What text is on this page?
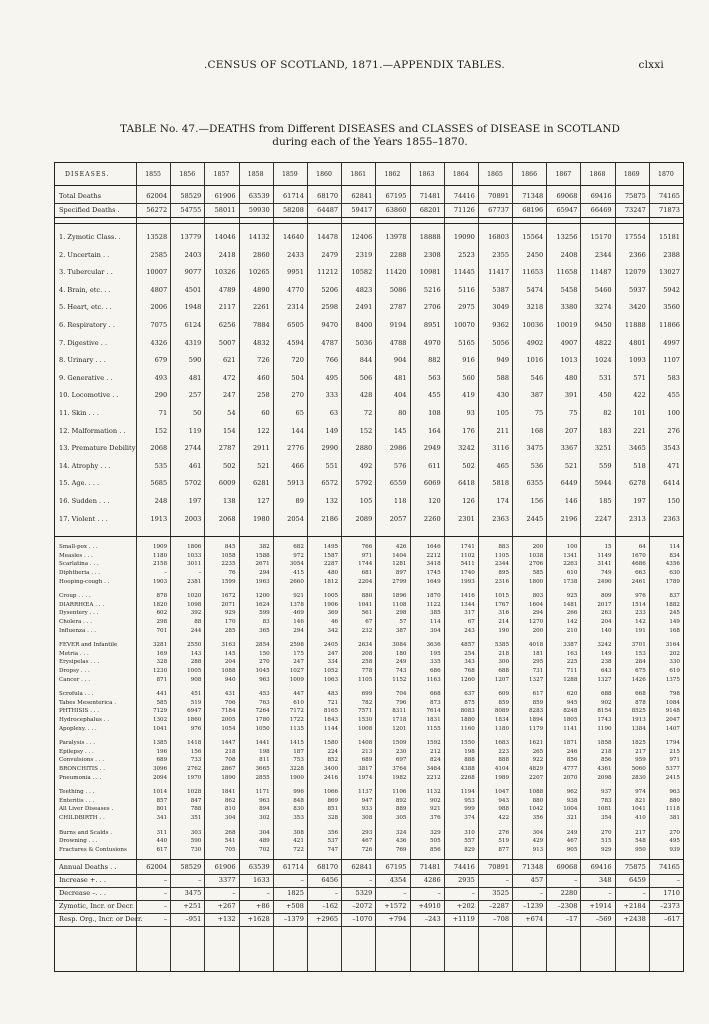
.CENSUS OF SCOTLAND, 1871.—APPENDIX TABLES.	clxxi
TABLE No. 47.—DEATHS from Different DISEASES and CLASSES of DISEASE in SCOTLAND
during each of the Years 1855–1870.
DISEASES.	1855	1856	1857	1858	1859	1860	1861	1862	1863	1864	1865	1866	1867	1868	1869	1870
Total Deaths	62004	58529	61906	63539	61714	68170	62841	67195	71481	74416	70891	71348	69068	69416	75875	74165
Specified Deaths .	56272	54755	58011	59930	58208	64487	59417	63860	68201	71126	67737	68196	65947	66469	73247	71873
1. Zymotic Class. .	13528	13779	14046	14132	14640	14478	12406	13978	18888	19090	16803	15564	13256	15170	17554	15181
2. Uncertain . .	2585	2403	2418	2860	2433	2479	2319	2288	2308	2523	2355	2450	2408	2344	2366	2388
3. Tubercular . .	10007	9077	10326	10265	9951	11212	10582	11420	10981	11445	11417	11653	11658	11487	12079	13027
4. Brain, etc. . .	4807	4501	4789	4890	4770	5206	4823	5086	5216	5116	5387	5474	5458	5460	5937	5942
5. Heart, etc. . .	2006	1948	2117	2261	2314	2598	2491	2787	2706	2975	3049	3218	3380	3274	3420	3560
6. Respiratory . .	7075	6124	6256	7884	6505	9470	8400	9194	8951	10070	9362	10036	10019	9450	11888	11866
7. Digestive . .	4326	4319	5007	4832	4594	4787	5036	4788	4970	5165	5056	4902	4907	4822	4801	4997
8. Urinary . . .	679	590	621	726	720	766	844	904	882	916	949	1016	1013	1024	1093	1107
9. Generative . .	493	481	472	460	504	495	506	481	563	560	588	546	480	531	571	583
10. Locomotive . .	290	257	247	258	270	333	428	404	455	419	430	387	391	450	422	455
11. Skin . . .	71	50	54	60	65	63	72	80	108	93	105	75	75	82	101	100
12. Malformation . .	152	119	154	122	144	149	152	145	164	176	211	168	207	183	221	276
13. Premature Debility	2068	2744	2787	2911	2776	2990	2880	2986	2949	3242	3116	3475	3367	3251	3465	3543
14. Atrophy . . .	535	461	502	521	466	551	492	576	611	502	465	536	521	559	518	471
15. Age. . . .	5685	5702	6009	6281	5913	6572	5792	6559	6069	6418	5818	6355	6449	5944	6278	6414
16. Sudden . . .	248	197	138	127	89	132	105	118	120	126	174	156	146	185	197	150
17. Violent . . .	1913	2003	2068	1980	2054	2186	2089	2057	2260	2301	2363	2445	2196	2247	2313	2363
Small-pox . . .	1909	1806	845	382	682	1495	766	426	1646	1741	883	200	100	15	64	114
Measles . . .	1180	1033	1058	1588	972	1587	971	1404	2212	1102	1105	1038	1341	1149	1670	834
Scarlatina . . .	2158	3011	2235	2671	3054	2287	1744	1281	3418	5411	2344	2706	2263	3141	4686	4356
Diphtheria . . .	–	–	76	294	415	480	681	897	1745	1740	895	585	610	749	663	630
Hooping-cough . .	1903	2381	1599	1963	2660	1812	2204	2799	1649	1993	2316	1800	1738	2490	2461	1789
Croup . . . .	878	1020	1672	1200	921	1005	880	1896	1870	1416	1015	803	925	809	976	837
DIARRHŒA . . .	1820	1098	2071	1624	1378	1906	1041	1108	1122	1344	1767	1604	1481	2017	1514	1882
Dysentery . . .	602	392	929	599	469	369	561	298	385	317	316	294	266	263	233	245
Cholera . . .	298	88	170	83	146	46	67	57	114	67	214	1270	142	204	142	149
Influenza . . .	701	244	285	365	294	342	232	387	304	243	190	200	210	140	191	168
FEVER and Infantile	3281	2550	3163	2854	2598	2405	2634	3084	3636	4857	5385	4018	3387	3242	3701	3164
Metria . . .	169	143	145	150	175	247	208	180	195	254	218	181	163	149	153	202
Erysipelas . . .	328	288	204	270	247	334	258	249	335	343	300	295	225	238	284	330
Dropsy . . .	1230	1005	1088	1045	1027	1052	778	743	686	768	688	731	711	643	675	619
Cancer . . .	871	908	940	963	1009	1063	1105	1152	1163	1260	1207	1327	1288	1327	1426	1375
Scrofula . . .	441	451	431	453	447	483	699	704	668	637	609	617	620	688	668	798
Tabes Mesenterica .	585	519	706	763	610	721	782	796	873	875	859	859	945	902	878	1084
PHTHISIS . . .	7129	6947	7184	7264	7172	8165	7571	8311	7614	8083	8089	8283	8248	8154	8525	9148
Hydrocephalus . .	1302	1860	2005	1780	1722	1843	1530	1718	1831	1880	1834	1894	1805	1743	1913	2047
Apoplexy. . . .	1041	976	1054	1050	1135	1144	1008	1201	1155	1160	1180	1179	1141	1190	1384	1407
Paralysis . . .	1385	1418	1447	1441	1415	1580	1408	1509	1592	1550	1683	1621	1871	1858	1825	1794
Epilepsy . . .	196	156	218	198	187	224	213	230	212	198	223	265	246	218	217	215
Convulsions . . .	689	733	708	811	753	852	689	697	824	888	888	922	856	856	959	971
BRONCHITIS . .	3096	2762	2867	3665	3228	3400	3817	3764	3484	4388	4104	4829	4777	4361	5060	5377
Pneumonia . . .	2094	1970	1890	2855	1900	2416	1974	1982	2212	2268	1989	2207	2070	2098	2830	2415
Teething . . .	1014	1028	1841	1171	996	1066	1137	1106	1132	1194	1047	1088	962	937	974	963
Enteritis . . .	857	847	862	963	848	869	947	892	902	953	943	880	938	783	821	880
All Liver Diseases .	801	788	810	894	830	851	933	889	921	999	988	1042	1004	1081	1041	1118
CHILDBIRTH . .	341	351	304	302	353	328	308	305	376	374	422	356	321	354	410	381
Burns and Scalds .	311	303	268	304	308	356	293	324	329	310	276	304	249	270	217	270
Drowning . . .	440	590	541	489	421	537	467	436	505	557	519	429	467	515	548	495
Fractures & Contusions	617	730	705	702	722	747	726	769	856	829	877	913	905	929	950	939
Annual Deaths . .	62004	58529	61906	63539	61714	68170	62841	67195	71481	74416	70891	71348	69068	69416	75875	74165
Increase +. . .	–	–	3377	1633	–	6456	–	4354	4286	2935	–	457	–	348	6459	–
Decrease –. . .	–	3475	–	–	1825	–	5329	–	–	–	3525	–	2280	–	–	1710
Zymotic, Incr. or Decr.	–	+251	+267	+86	+508	–162	–2072	+1572	+4910	+202	–2287	–1239	–2308	+1914	+2184	–2373
Resp. Org., Incr. or Decr.	–	–951	+132	+1628	–1379	+2965	–1070	+794	–243	+1119	–708	+674	–17	–569	+2438	–617
